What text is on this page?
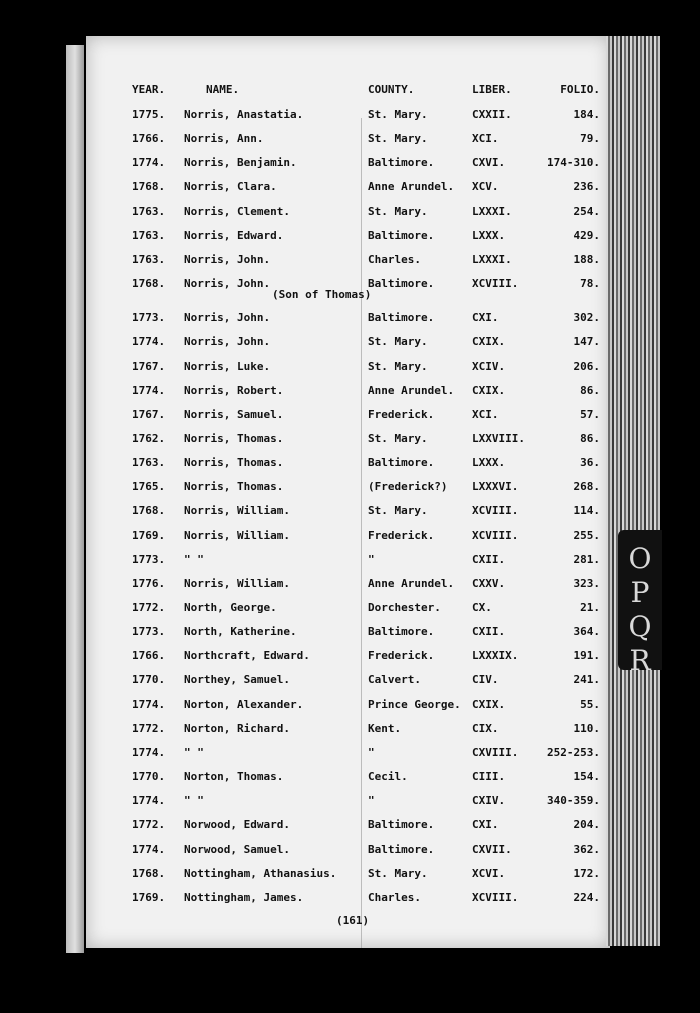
YEAR.	NAME.	COUNTY.	LIBER.	FOLIO.
(Son of Thomas)
1775.	Norris, Anastatia.	St. Mary.	CXXII.	184.
1766.	Norris, Ann.	St. Mary.	XCI.	79.
1774.	Norris, Benjamin.	Baltimore.	CXVI.	174-310.
1768.	Norris, Clara.	Anne Arundel.	XCV.	236.
1763.	Norris, Clement.	St. Mary.	LXXXI.	254.
1763.	Norris, Edward.	Baltimore.	LXXX.	429.
1763.	Norris, John.	Charles.	LXXXI.	188.
1768.	Norris, John.	Baltimore.	XCVIII.	78.
1773.	Norris, John.	Baltimore.	CXI.	302.
1774.	Norris, John.	St. Mary.	CXIX.	147.
1767.	Norris, Luke.	St. Mary.	XCIV.	206.
1774.	Norris, Robert.	Anne Arundel.	CXIX.	86.
1767.	Norris, Samuel.	Frederick.	XCI.	57.
1762.	Norris, Thomas.	St. Mary.	LXXVIII.	86.
1763.	Norris, Thomas.	Baltimore.	LXXX.	36.
1765.	Norris, Thomas.	(Frederick?)	LXXXVI.	268.
1768.	Norris, William.	St. Mary.	XCVIII.	114.
1769.	Norris, William.	Frederick.	XCVIII.	255.
1773.	" "	"	CXII.	281.
1776.	Norris, William.	Anne Arundel.	CXXV.	323.
1772.	North, George.	Dorchester.	CX.	21.
1773.	North, Katherine.	Baltimore.	CXII.	364.
1766.	Northcraft, Edward.	Frederick.	LXXXIX.	191.
1770.	Northey, Samuel.	Calvert.	CIV.	241.
1774.	Norton, Alexander.	Prince George.	CXIX.	55.
1772.	Norton, Richard.	Kent.	CIX.	110.
1774.	" "	"	CXVIII.	252-253.
1770.	Norton, Thomas.	Cecil.	CIII.	154.
1774.	" "	"	CXIV.	340-359.
1772.	Norwood, Edward.	Baltimore.	CXI.	204.
1774.	Norwood, Samuel.	Baltimore.	CXVII.	362.
1768.	Nottingham, Athanasius.	St. Mary.	XCVI.	172.
1769.	Nottingham, James.	Charles.	XCVIII.	224.
(161)
O
P
Q
R
